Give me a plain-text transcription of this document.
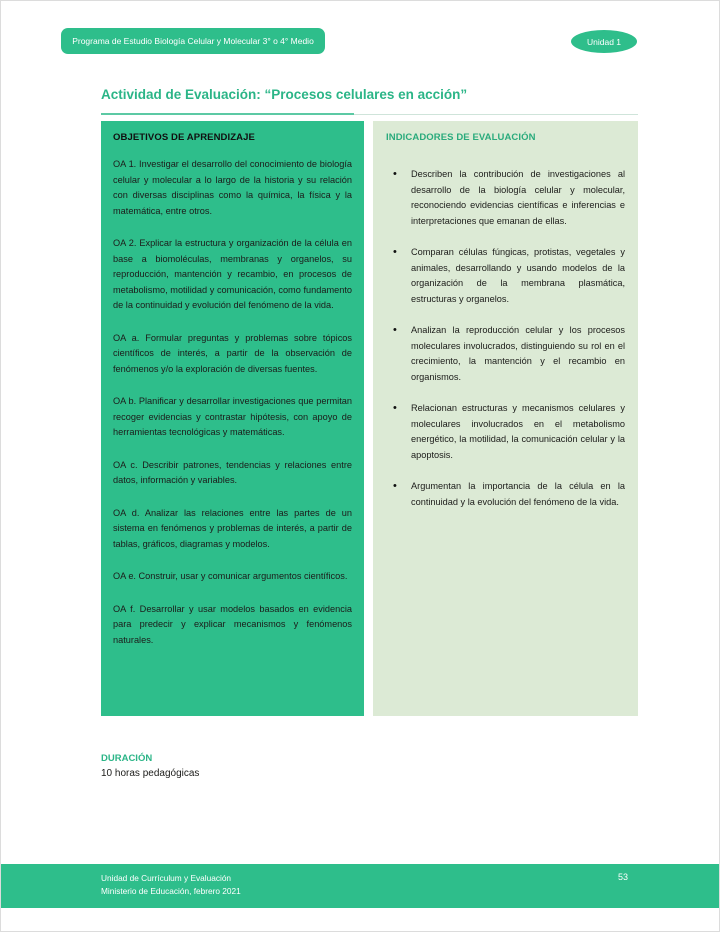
Programa de Estudio Biología Celular y Molecular 3° o 4° Medio	Unidad 1
Actividad de Evaluación: “Procesos celulares en acción”
OBJETIVOS DE APRENDIZAJE

OA 1. Investigar el desarrollo del conocimiento de biología celular y molecular a lo largo de la historia y su relación con diversas disciplinas como la química, la física y la matemática, entre otros.

OA 2. Explicar la estructura y organización de la célula en base a biomoléculas, membranas y organelos, su reproducción, mantención y recambio, en procesos de metabolismo, motilidad y comunicación, como fundamento de la continuidad y evolución del fenómeno de la vida.

OA a. Formular preguntas y problemas sobre tópicos científicos de interés, a partir de la observación de fenómenos y/o la exploración de diversas fuentes.

OA b. Planificar y desarrollar investigaciones que permitan recoger evidencias y contrastar hipótesis, con apoyo de herramientas tecnológicas y matemáticas.

OA c. Describir patrones, tendencias y relaciones entre datos, información y variables.

OA d. Analizar las relaciones entre las partes de un sistema en fenómenos y problemas de interés, a partir de tablas, gráficos, diagramas y modelos.

OA e. Construir, usar y comunicar argumentos científicos.

OA f. Desarrollar y usar modelos basados en evidencia para predecir y explicar mecanismos y fenómenos naturales.

INDICADORES DE EVALUACIÓN
• Describen la contribución de investigaciones al desarrollo de la biología celular y molecular, reconociendo evidencias científicas e inferencias e interpretaciones que emanan de ellas.
• Comparan células fúngicas, protistas, vegetales y animales, desarrollando y usando modelos de la organización de la membrana plasmática, estructuras y organelos.
• Analizan la reproducción celular y los procesos moleculares involucrados, distinguiendo su rol en el crecimiento, la mantención y el recambio en organismos.
• Relacionan estructuras y mecanismos celulares y moleculares involucrados en el metabolismo energético, la motilidad, la comunicación celular y la apoptosis.
• Argumentan la importancia de la célula en la continuidad y la evolución del fenómeno de la vida.
DURACIÓN
10 horas pedagógicas
Unidad de Currículum y Evaluación
Ministerio de Educación, febrero 2021
53
